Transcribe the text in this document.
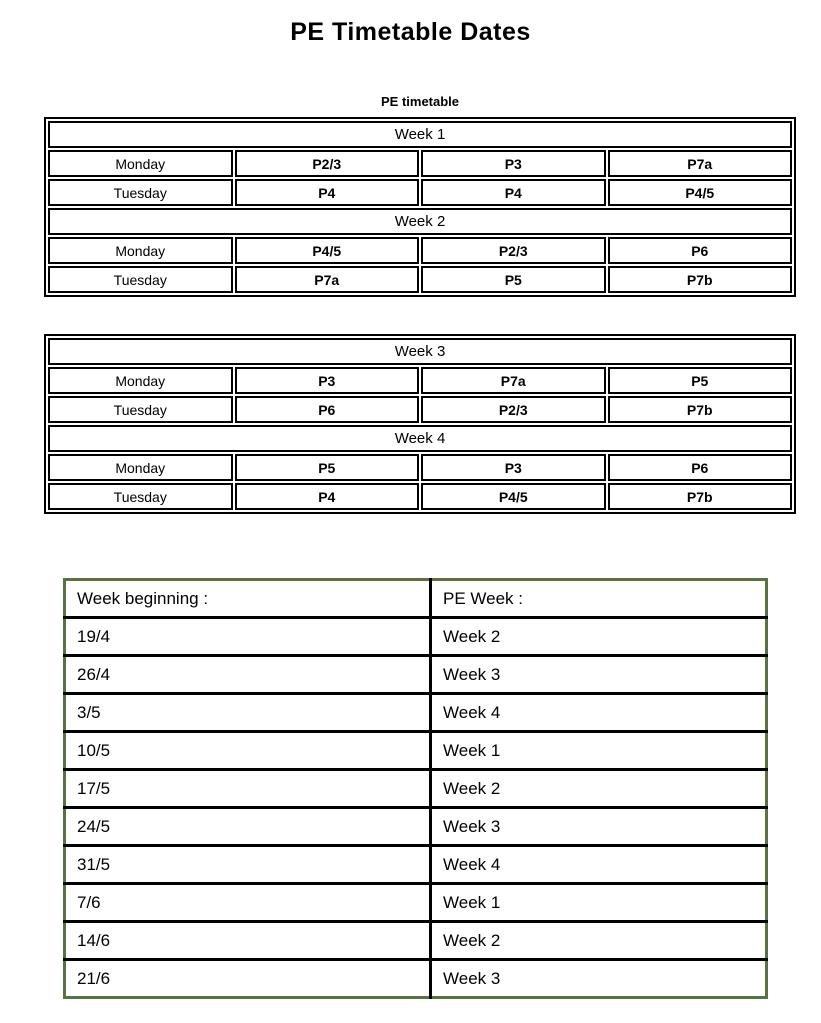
PE Timetable Dates
PE timetable
Week 1			
Monday	P2/3	P3	P7a
Tuesday	P4	P4	P4/5
Week 2			
Monday	P4/5	P2/3	P6
Tuesday	P7a	P5	P7b
Week 3			
Monday	P3	P7a	P5
Tuesday	P6	P2/3	P7b
Week 4			
Monday	P5	P3	P6
Tuesday	P4	P4/5	P7b
Week beginning :	PE Week :
19/4	Week 2
26/4	Week 3
3/5	Week 4
10/5	Week 1
17/5	Week 2
24/5	Week 3
31/5	Week 4
7/6	Week 1
14/6	Week 2
21/6	Week 3
